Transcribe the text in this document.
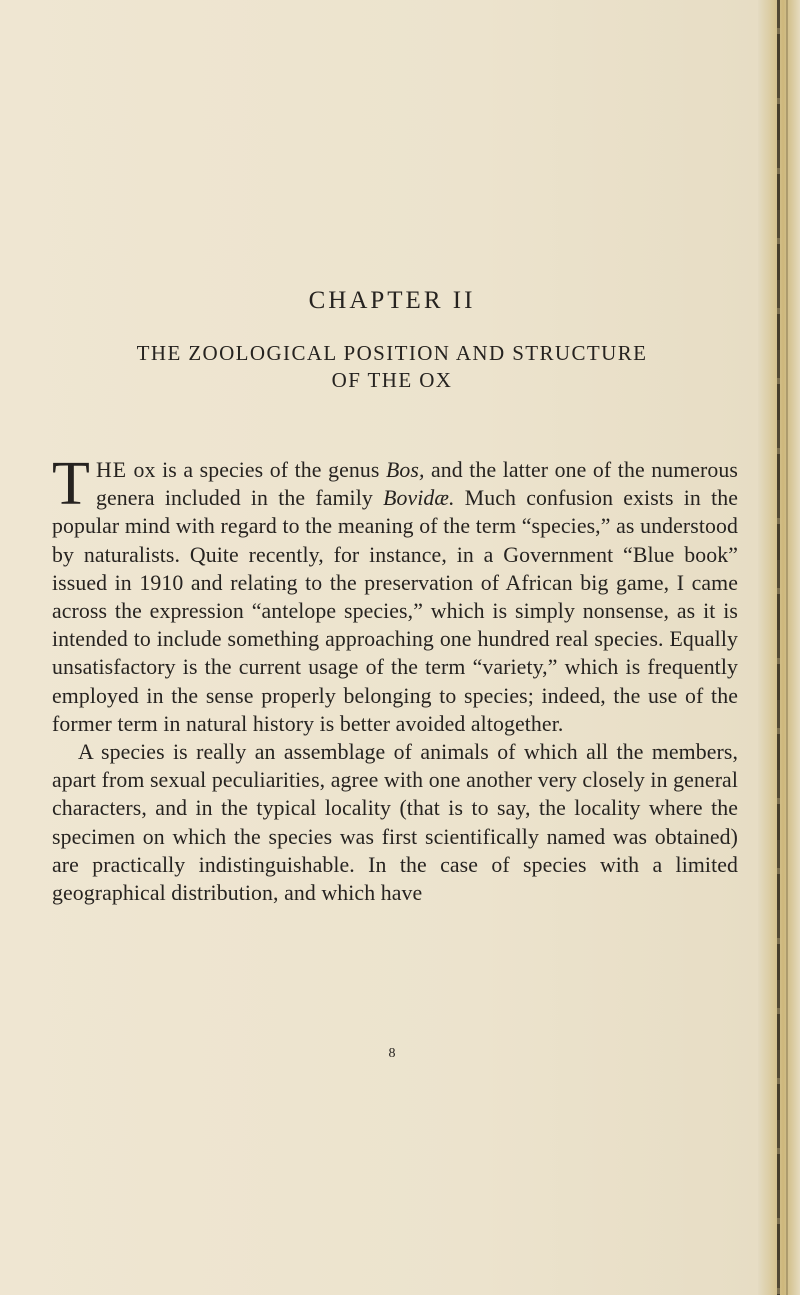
CHAPTER II
THE ZOOLOGICAL POSITION AND STRUCTURE
OF THE OX

THE ox is a species of the genus Bos, and the latter one of the numerous genera included in the family Bovidæ. Much confusion exists in the popular mind with regard to the meaning of the term “species,” as understood by naturalists. Quite recently, for instance, in a Government “Blue book” issued in 1910 and relating to the preservation of African big game, I came across the expression “antelope species,” which is simply nonsense, as it is intended to include something approaching one hundred real species. Equally unsatisfactory is the current usage of the term “variety,” which is frequently employed in the sense properly belonging to species; indeed, the use of the former term in natural history is better avoided altogether.

A species is really an assemblage of animals of which all the members, apart from sexual peculiarities, agree with one another very closely in general characters, and in the typical locality (that is to say, the locality where the specimen on which the species was first scientifically named was obtained) are practically indistinguishable. In the case of species with a limited geographical distribution, and which have

8
